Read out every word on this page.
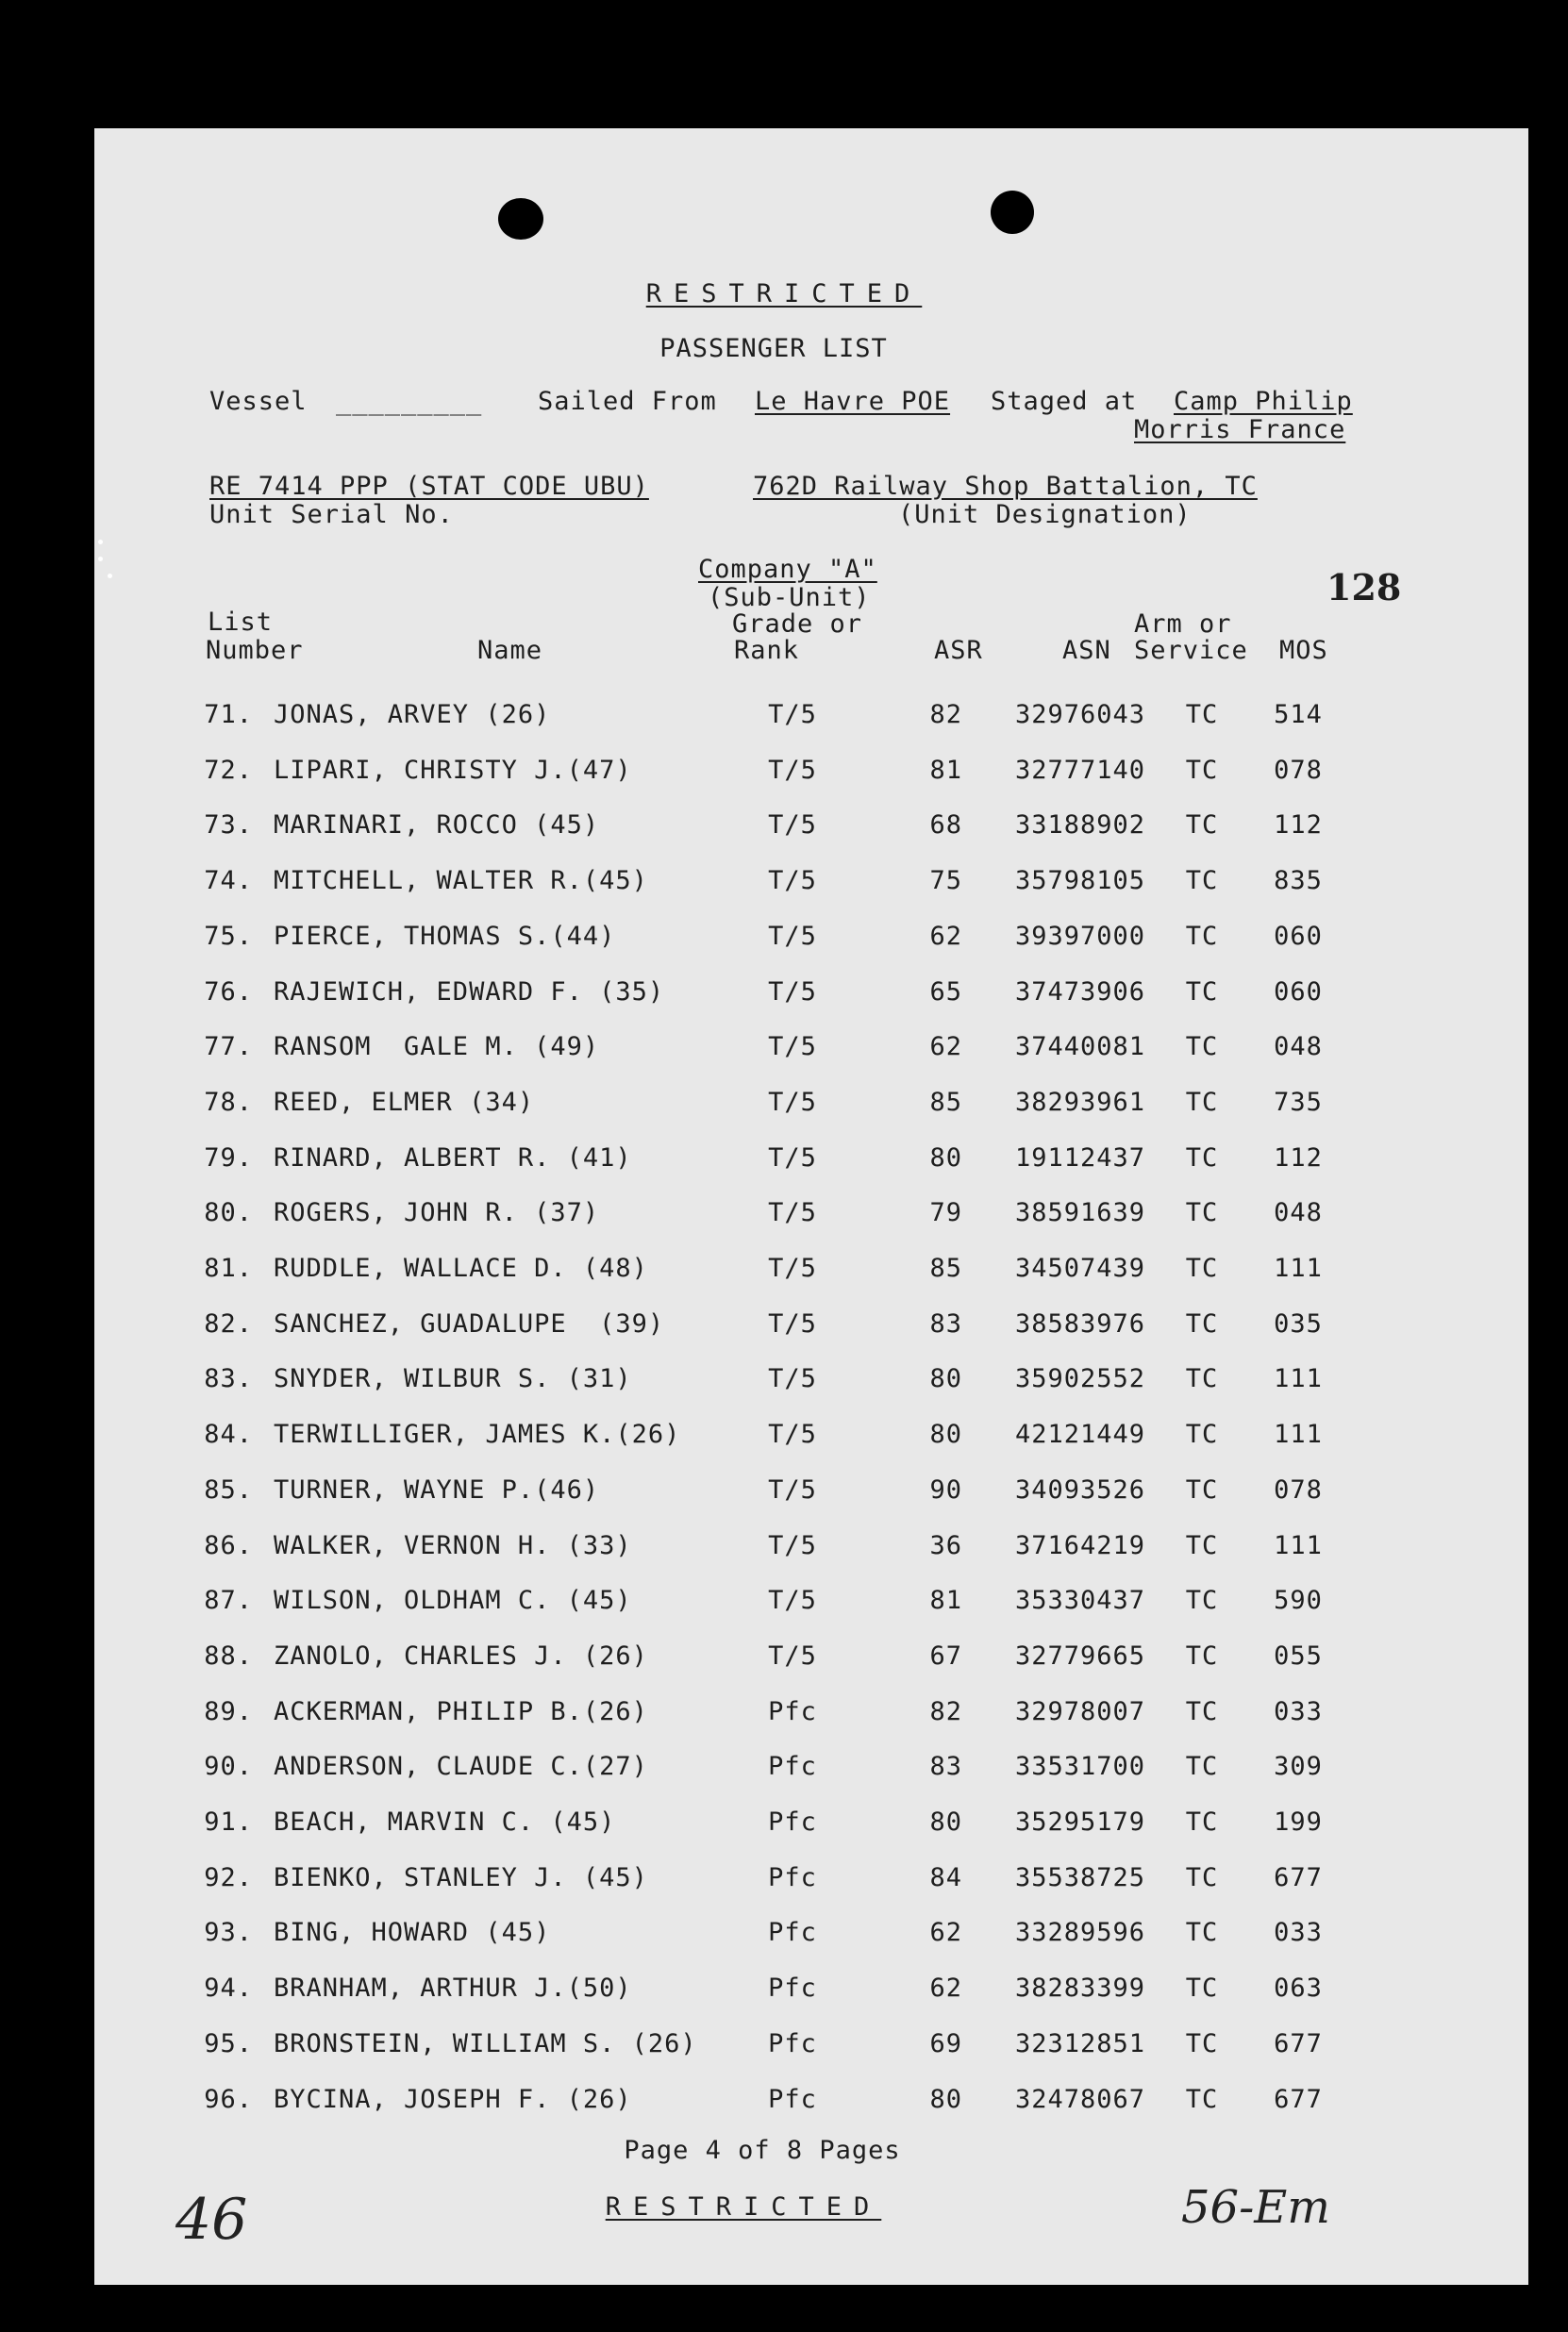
RESTRICTED
PASSENGER LIST
Vessel _________ Sailed From Le Havre POE Staged at Camp Philip
Morris France
RE 7414 PPP (STAT CODE UBU)
Unit Serial No.
762D Railway Shop Battalion, TC
(Unit Designation)
Company "A"
(Sub-Unit)	128
List
Number	Name
Grade or
Rank	ASR	ASN
Arm or
Service MOS
71. JONAS, ARVEY (26)	T/5	82 32976043 TC 514
72. LIPARI, CHRISTY J.(47)	T/5	81 32777140 TC 078
73. MARINARI, ROCCO (45)	T/5	68 33188902 TC 112
74. MITCHELL, WALTER R.(45)	T/5	75 35798105 TC 835
75. PIERCE, THOMAS S.(44)	T/5	62 39397000 TC 060
76. RAJEWICH, EDWARD F. (35)	T/5	65 37473906 TC 060
77. RANSOM  GALE M. (49)	T/5	62 37440081 TC 048
78. REED, ELMER (34)	T/5	85 38293961 TC 735
79. RINARD, ALBERT R. (41)	T/5	80 19112437 TC 112
80. ROGERS, JOHN R. (37)	T/5	79 38591639 TC 048
81. RUDDLE, WALLACE D. (48)	T/5	85 34507439 TC 111
82. SANCHEZ, GUADALUPE  (39)	T/5	83 38583976 TC 035
83. SNYDER, WILBUR S. (31)	T/5	80 35902552 TC 111
84. TERWILLIGER, JAMES K.(26)	T/5	80 42121449 TC 111
85. TURNER, WAYNE P.(46)	T/5	90 34093526 TC 078
86. WALKER, VERNON H. (33)	T/5	36 37164219 TC 111
87. WILSON, OLDHAM C. (45)	T/5	81 35330437 TC 590
88. ZANOLO, CHARLES J. (26)	T/5	67 32779665 TC 055
89. ACKERMAN, PHILIP B.(26)	Pfc	82 32978007 TC 033
90. ANDERSON, CLAUDE C.(27)	Pfc	83 33531700 TC 309
91. BEACH, MARVIN C. (45)	Pfc	80 35295179 TC 199
92. BIENKO, STANLEY J. (45)	Pfc	84 35538725 TC 677
93. BING, HOWARD (45)	Pfc	62 33289596 TC 033
94. BRANHAM, ARTHUR J.(50)	Pfc	62 38283399 TC 063
95. BRONSTEIN, WILLIAM S. (26)	Pfc	69 32312851 TC 677
96. BYCINA, JOSEPH F. (26)	Pfc	80 32478067 TC 677
Page 4 of 8 Pages
RESTRICTED
46	56-Em
